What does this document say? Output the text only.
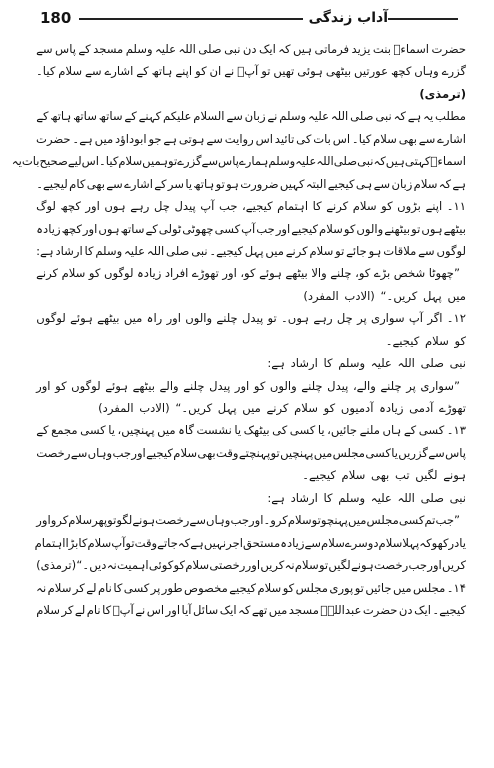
180	آداب زندگی
حضرت
اسماءؓ
بنت
یزید
فرماتی
ہیں
کہ
ایک
دن
نبی
صلی
اللہ
علیہ
وسلم
مسجد
کے
پاس
سے
گزرے
وہاں
کچھ
عورتیں
بیٹھی
ہوئی
تھیں
تو
آپؐ
نے
ان
کو
اپنے
ہاتھ
کے
اشارے
سے
سلام
کیا۔
(ترمذی)
مطلب
یہ
ہے
کہ
نبی
صلی
اللہ
علیہ
وسلم
نے
زبان
سے
السلام
علیکم
کہنے
کے
ساتھ
ساتھ
ہاتھ
کے
اشارے
سے
بھی
سلام
کیا۔
اس
بات
کی
تائید
اس
روایت
سے
ہوتی
ہے
جو
ابوداؤد
میں
ہے۔
حضرت
اسماءؓ
کہتی
ہیں
کہ
نبی
صلی
اللہ
علیہ
وسلم
ہمارے
پاس
سے
گزرے
تو
ہمیں
سلام
کیا۔
اس
لیے
صحیح
بات
یہ
ہے
کہ
سلام
زبان
سے
ہی
کیجیے
البتہ
کہیں
ضرورت
ہو
تو
ہاتھ
یا
سر
کے
اشارے
سے
بھی
کام
لیجیے۔
۱۱۔
اپنے
بڑوں
کو
سلام
کرنے
کا
اہتمام
کیجیے،
جب
آپ
پیدل
چل
رہے
ہوں
اور
کچھ
لوگ
بیٹھے
ہوں
تو
بیٹھنے
والوں
کو
سلام
کیجیے
اور
جب
آپ
کسی
چھوٹی
ٹولی
کے
ساتھ
ہوں
اور
کچھ
زیادہ
لوگوں
سے
ملاقات
ہو
جائے
تو
سلام
کرنے
میں
پہل
کیجیے۔
نبی
صلی
اللہ
علیہ
وسلم
کا
ارشاد
ہے:
”چھوٹا
شخص
بڑے
کو،
چلنے
والا
بیٹھے
ہوئے
کو،
اور
تھوڑے
افراد
زیادہ
لوگوں
کو
سلام
کرنے
میں پہل کریں۔“ (الادب المفرد)
۱۲۔
اگر
آپ
سواری
پر
چل
رہے
ہوں۔
تو
پیدل
چلنے
والوں
اور
راہ
میں
بیٹھے
ہوئے
لوگوں
کو سلام کیجیے۔
نبی صلی اللہ علیہ وسلم کا ارشاد ہے:
”سواری
پر
چلنے
والے،
پیدل
چلنے
والوں
کو
اور
پیدل
چلنے
والے
بیٹھے
ہوئے
لوگوں
کو
اور
تھوڑے آدمی زیادہ آدمیوں کو سلام کرنے میں پہل کریں۔“ (الادب المفرد)
۱۳۔
کسی
کے
ہاں
ملنے
جائیں،
یا
کسی
کی
بیٹھک
یا
نشست
گاہ
میں
پہنچیں،
یا
کسی
مجمع
کے
پاس
سے
گزریں
یا
کسی
مجلس
میں
پہنچیں
تو
پہنچتے
وقت
بھی
سلام
کیجیے
اور
جب
وہاں
سے
رخصت
ہونے لگیں تب بھی سلام کیجیے۔
نبی صلی اللہ علیہ وسلم کا ارشاد ہے:
”جب
تم
کسی
مجلس
میں
پہنچو
تو
سلام
کرو۔
اور
جب
وہاں
سے
رخصت
ہونے
لگو
تو
پھر
سلام
کرو
اور
یاد
رکھو
کہ
پہلا
سلام
دوسرے
سلام
سے
زیادہ
مستحق
اجر
نہیں
ہے
کہ
جاتے
وقت
تو
آپ
سلام
کا
بڑا
اہتمام
کریں
اور
جب
رخصت
ہونے
لگیں
تو
سلام
نہ
کریں
اور
رخصتی
سلام
کو
کوئی
اہمیت
نہ
دیں۔“
(ترمذی)
۱۴۔
مجلس
میں
جائیں
تو
پوری
مجلس
کو
سلام
کیجیے
مخصوص
طور
پر
کسی
کا
نام
لے
کر
سلام
نہ
کیجیے۔
ایک
دن
حضرت
عبداللہؓ
مسجد
میں
تھے
کہ
ایک
سائل
آیا
اور
اس
نے
آپؓ
کا
نام
لے
کر
سلام
